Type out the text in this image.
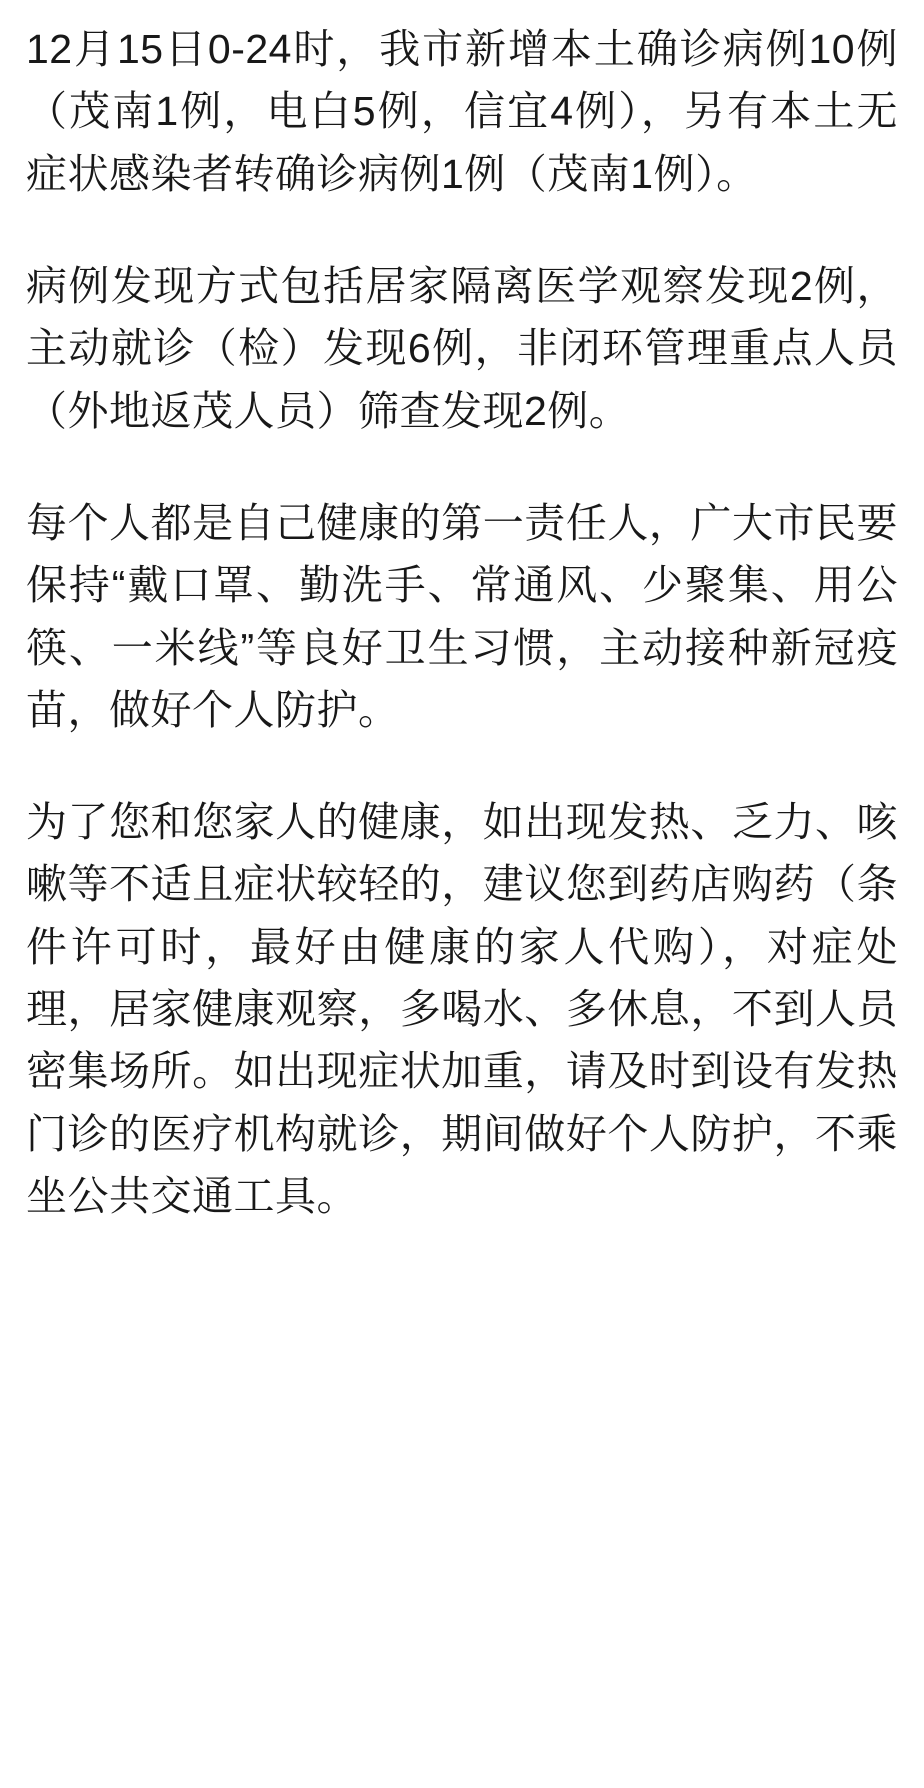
12月15日0-24时，我市新增本土确诊病例10例（茂南1例，电白5例，信宜4例），另有本土无症状感染者转确诊病例1例（茂南1例）。

病例发现方式包括居家隔离医学观察发现2例，主动就诊（检）发现6例，非闭环管理重点人员（外地返茂人员）筛查发现2例。

每个人都是自己健康的第一责任人，广大市民要保持“戴口罩、勤洗手、常通风、少聚集、用公筷、一米线”等良好卫生习惯，主动接种新冠疫苗，做好个人防护。

为了您和您家人的健康，如出现发热、乏力、咳嗽等不适且症状较轻的，建议您到药店购药（条件许可时，最好由健康的家人代购），对症处理，居家健康观察，多喝水、多休息，不到人员密集场所。如出现症状加重，请及时到设有发热门诊的医疗机构就诊，期间做好个人防护，不乘坐公共交通工具。
